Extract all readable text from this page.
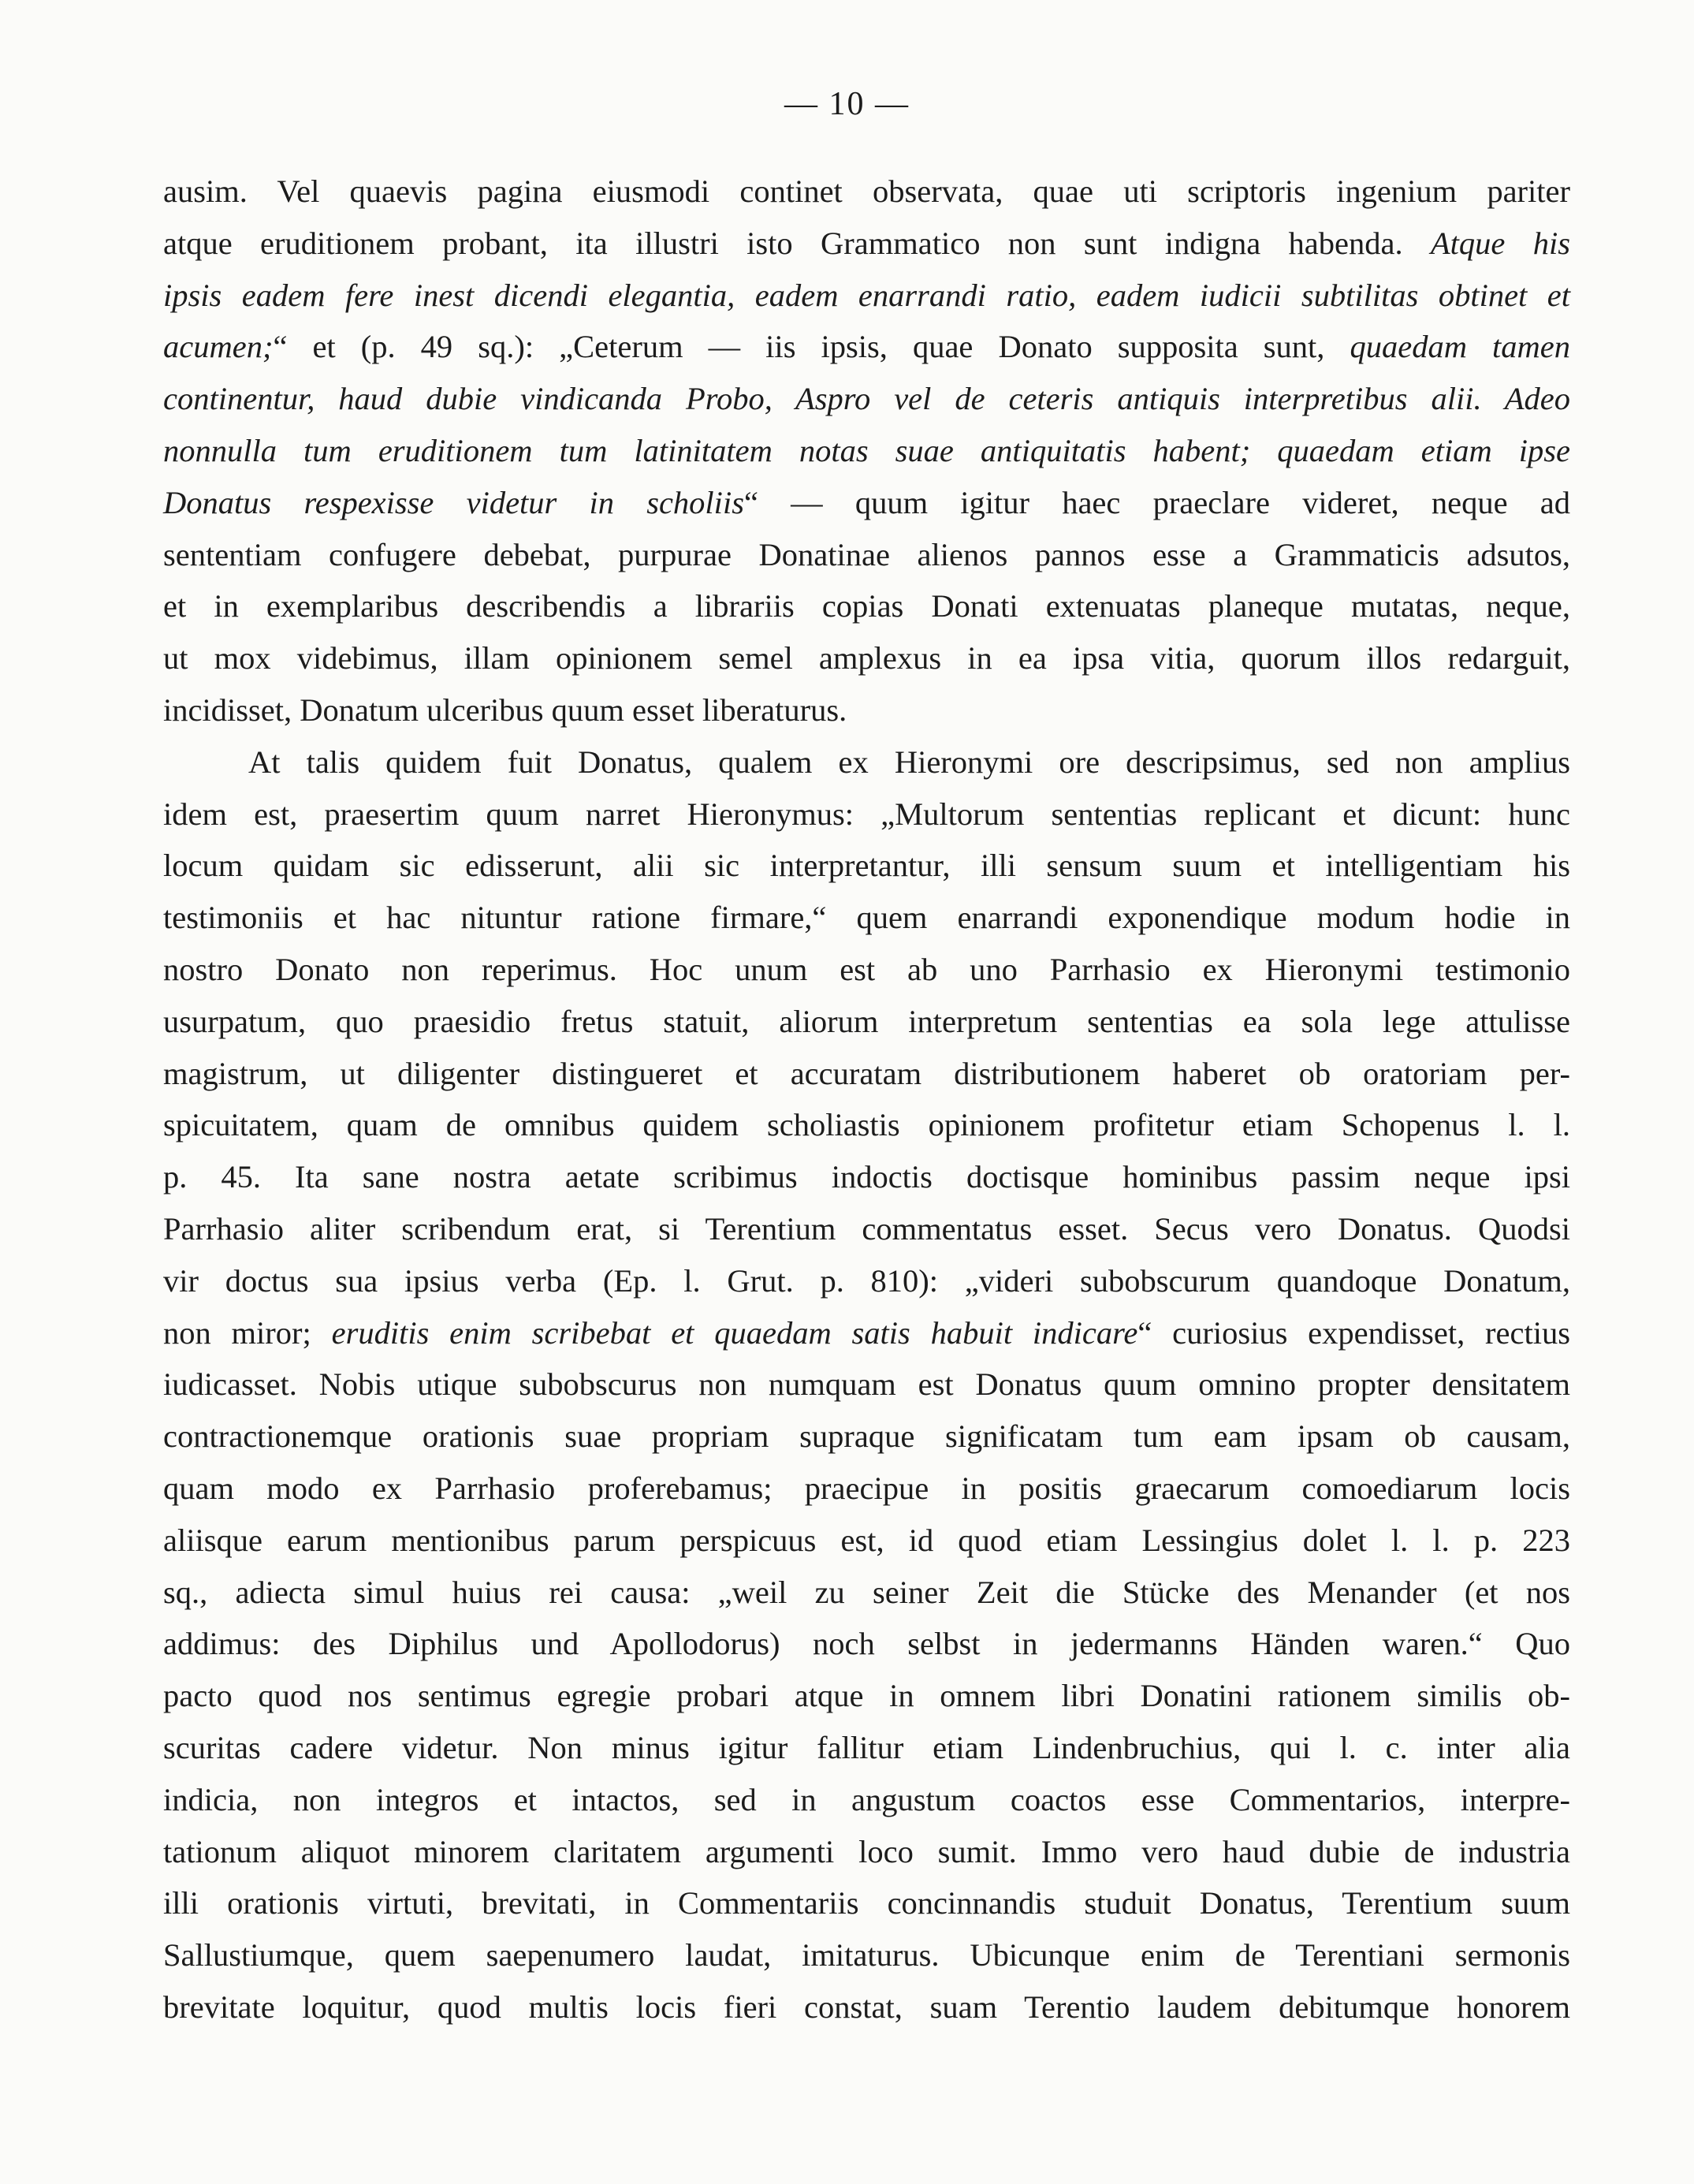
— 10 —
ausim. Vel quaevis pagina eiusmodi continet observata, quae uti scriptoris ingenium pariter
atque eruditionem probant, ita illustri isto Grammatico non sunt indigna habenda. Atque his
ipsis eadem fere inest dicendi elegantia, eadem enarrandi ratio, eadem iudicii subtilitas obtinet et
acumen;“ et (p. 49 sq.): „Ceterum — iis ipsis, quae Donato supposita sunt, quaedam tamen
continentur, haud dubie vindicanda Probo, Aspro vel de ceteris antiquis interpretibus alii. Adeo
nonnulla tum eruditionem tum latinitatem notas suae antiquitatis habent; quaedam etiam ipse
Donatus respexisse videtur in scholiis“ — quum igitur haec praeclare videret, neque ad
sententiam confugere debebat, purpurae Donatinae alienos pannos esse a Grammaticis adsutos,
et in exemplaribus describendis a librariis copias Donati extenuatas planeque mutatas, neque,
ut mox videbimus, illam opinionem semel amplexus in ea ipsa vitia, quorum illos redarguit,
incidisset, Donatum ulceribus quum esset liberaturus.
At talis quidem fuit Donatus, qualem ex Hieronymi ore descripsimus, sed non amplius
idem est, praesertim quum narret Hieronymus: „Multorum sententias replicant et dicunt: hunc
locum quidam sic edisserunt, alii sic interpretantur, illi sensum suum et intelligentiam his
testimoniis et hac nituntur ratione firmare,“ quem enarrandi exponendique modum hodie in
nostro Donato non reperimus. Hoc unum est ab uno Parrhasio ex Hieronymi testimonio
usurpatum, quo praesidio fretus statuit, aliorum interpretum sententias ea sola lege attulisse
magistrum, ut diligenter distingueret et accuratam distributionem haberet ob oratoriam per-
spicuitatem, quam de omnibus quidem scholiastis opinionem profitetur etiam Schopenus l. l.
p. 45. Ita sane nostra aetate scribimus indoctis doctisque hominibus passim neque ipsi
Parrhasio aliter scribendum erat, si Terentium commentatus esset. Secus vero Donatus. Quodsi
vir doctus sua ipsius verba (Ep. l. Grut. p. 810): „videri subobscurum quandoque Donatum,
non miror; eruditis enim scribebat et quaedam satis habuit indicare“ curiosius expendisset, rectius
iudicasset. Nobis utique subobscurus non numquam est Donatus quum omnino propter densitatem
contractionemque orationis suae propriam supraque significatam tum eam ipsam ob causam,
quam modo ex Parrhasio proferebamus; praecipue in positis graecarum comoediarum locis
aliisque earum mentionibus parum perspicuus est, id quod etiam Lessingius dolet l. l. p. 223
sq., adiecta simul huius rei causa: „weil zu seiner Zeit die Stücke des Menander (et nos
addimus: des Diphilus und Apollodorus) noch selbst in jedermanns Händen waren.“ Quo
pacto quod nos sentimus egregie probari atque in omnem libri Donatini rationem similis ob-
scuritas cadere videtur. Non minus igitur fallitur etiam Lindenbruchius, qui l. c. inter alia
indicia, non integros et intactos, sed in angustum coactos esse Commentarios, interpre-
tationum aliquot minorem claritatem argumenti loco sumit. Immo vero haud dubie de industria
illi orationis virtuti, brevitati, in Commentariis concinnandis studuit Donatus, Terentium suum
Sallustiumque, quem saepenumero laudat, imitaturus. Ubicunque enim de Terentiani sermonis
brevitate loquitur, quod multis locis fieri constat, suam Terentio laudem debitumque honorem
